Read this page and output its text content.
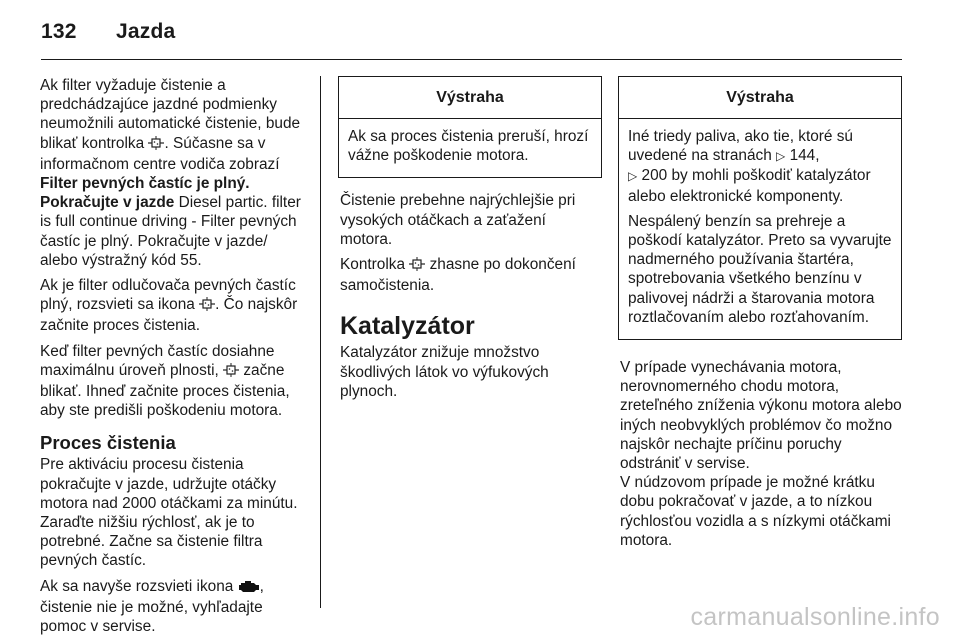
132 Jazda

Ak filter vyžaduje čistenie a predchádzajúce jazdné podmienky neumožnili automatické čistenie, bude blikať kontrolka . Súčasne sa v informačnom centre vodiča zobrazí Filter pevných častíc je plný.
Pokračujte v jazde Diesel partic. filter is full continue driving - Filter pevných častíc je plný. Pokračujte v jazde/ alebo výstražný kód 55.

Ak je filter odlučovača pevných častíc plný, rozsvieti sa ikona . Čo najskôr začnite proces čistenia.

Keď filter pevných častíc dosiahne maximálnu úroveň plnosti,  začne blikať. Ihneď začnite proces čistenia, aby ste predišli poškodeniu motora.

Proces čistenia

Pre aktiváciu procesu čistenia pokračujte v jazde, udržujte otáčky motora nad 2000 otáčkami za minútu. Zaraďte nižšiu rýchlosť, ak je to potrebné. Začne sa čistenie filtra pevných častíc.

Ak sa navyše rozsvieti ikona , čistenie nie je možné, vyhľadajte pomoc v servise.

Výstraha

Ak sa proces čistenia preruší, hrozí vážne poškodenie motora.

Čistenie prebehne najrýchlejšie pri vysokých otáčkach a zaťažení motora.

Kontrolka  zhasne po dokončení samočistenia.

Katalyzátor

Katalyzátor znižuje množstvo škodlivých látok vo výfukových plynoch.

Výstraha

Iné triedy paliva, ako tie, ktoré sú uvedené na stranách ▷ 144,
▷ 200 by mohli poškodiť katalyzátor alebo elektronické komponenty.

Nespálený benzín sa prehreje a poškodí katalyzátor. Preto sa vyvarujte nadmerného používania štartéra, spotrebovania všetkého benzínu v palivovej nádrži a štarovania motora roztlačovaním alebo rozťahovaním.

V prípade vynechávania motora, nerovnomerného chodu motora, zreteľného zníženia výkonu motora alebo iných neobvyklých problémov čo možno najskôr nechajte príčinu poruchy odstrániť v servise.

V núdzovom prípade je možné krátku dobu pokračovať v jazde, a to nízkou rýchlosťou vozidla a s nízkymi otáčkami motora.

carmanualsonline.info
